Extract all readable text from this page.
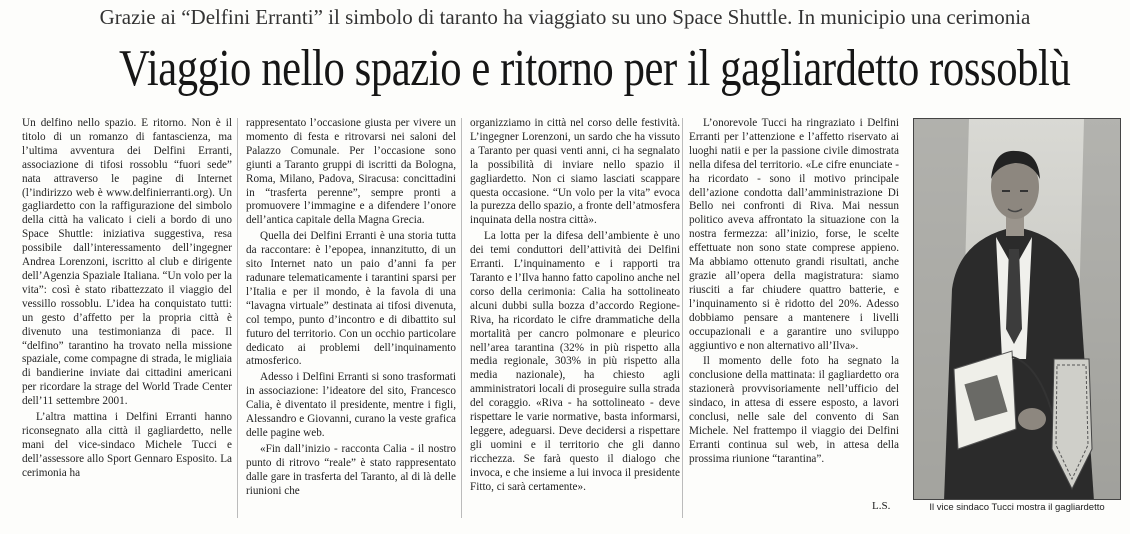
Grazie ai “Delfini Erranti” il simbolo di taranto ha viaggiato su uno Space Shuttle. In municipio una cerimonia
Viaggio nello spazio e ritorno per il gagliardetto rossoblù

Un delfino nello spazio. E ritorno. Non è il titolo di un romanzo di fantascienza, ma l’ultima avventura dei Delfini Erranti, associazione di tifosi rossoblu “fuori sede” nata attraverso le pagine di Internet (l’indirizzo web è www.delfinierranti.org). Un gagliardetto con la raffigurazione del simbolo della città ha valicato i cieli a bordo di uno Space Shuttle: iniziativa suggestiva, resa possibile dall’interessamento dell’ingegner Andrea Lorenzoni, iscritto al club e dirigente dell’Agenzia Spaziale Italiana. “Un volo per la vita”: così è stato ribattezzato il viaggio del vessillo rossoblu. L’idea ha conquistato tutti: un gesto d’affetto per la propria città è divenuto una testimonianza di pace. Il “delfino” tarantino ha trovato nella missione spaziale, come compagne di strada, le migliaia di bandierine inviate dai cittadini americani per ricordare la strage del World Trade Center dell’11 settembre 2001.

L’altra mattina i Delfini Erranti hanno riconsegnato alla città il gagliardetto, nelle mani del vice-sindaco Michele Tucci e dell’assessore allo Sport Gennaro Esposito. La cerimonia ha

rappresentato l’occasione giusta per vivere un momento di festa e ritrovarsi nei saloni del Palazzo Comunale. Per l’occasione sono giunti a Taranto gruppi di iscritti da Bologna, Roma, Milano, Padova, Siracusa: concittadini in “trasferta perenne”, sempre pronti a promuovere l’immagine e a difendere l’onore dell’antica capitale della Magna Grecia.

Quella dei Delfini Erranti è una storia tutta da raccontare: è l’epopea, innanzitutto, di un sito Internet nato un paio d’anni fa per radunare telematicamente i tarantini sparsi per l’Italia e per il mondo, è la favola di una “lavagna virtuale” destinata ai tifosi divenuta, col tempo, punto d’incontro e di dibattito sul futuro del territorio. Con un occhio particolare dedicato ai problemi dell’inquinamento atmosferico.

Adesso i Delfini Erranti si sono trasformati in associazione: l’ideatore del sito, Francesco Calia, è diventato il presidente, mentre i figli, Alessandro e Giovanni, curano la veste grafica delle pagine web.

«Fin dall’inizio - racconta Calia - il nostro punto di ritrovo “reale” è stato rappresentato dalle gare in trasferta del Taranto, al di là delle riunioni che

organizziamo in città nel corso delle festività. L’ingegner Lorenzoni, un sardo che ha vissuto a Taranto per quasi venti anni, ci ha segnalato la possibilità di inviare nello spazio il gagliardetto. Non ci siamo lasciati scappare questa occasione. “Un volo per la vita” evoca la purezza dello spazio, a fronte dell’atmosfera inquinata della nostra città».

La lotta per la difesa dell’ambiente è uno dei temi conduttori dell’attività dei Delfini Erranti. L’inquinamento e i rapporti tra Taranto e l’Ilva hanno fatto capolino anche nel corso della cerimonia: Calia ha sottolineato alcuni dubbi sulla bozza d’accordo Regione-Riva, ha ricordato le cifre drammatiche della mortalità per cancro polmonare e pleurico nell’area tarantina (32% in più rispetto alla media regionale, 303% in più rispetto alla media nazionale), ha chiesto agli amministratori locali di proseguire sulla strada del coraggio. «Riva - ha sottolineato - deve rispettare le varie normative, basta informarsi, leggere, adeguarsi. Deve decidersi a rispettare gli uomini e il territorio che gli danno ricchezza. Se farà questo il dialogo che invoca, e che insieme a lui invoca il presidente Fitto, ci sarà certamente».

L’onorevole Tucci ha ringraziato i Delfini Erranti per l’attenzione e l’affetto riservato ai luoghi natii e per la passione civile dimostrata nella difesa del territorio. «Le cifre enunciate - ha ricordato - sono il motivo principale dell’azione condotta dall’amministrazione Di Bello nei confronti di Riva. Mai nessun politico aveva affrontato la situazione con la nostra fermezza: all’inizio, forse, le scelte effettuate non sono state comprese appieno. Ma abbiamo ottenuto grandi risultati, anche grazie all’opera della magistratura: siamo riusciti a far chiudere quattro batterie, e l’inquinamento si è ridotto del 20%. Adesso dobbiamo pensare a mantenere i livelli occupazionali e a garantire uno sviluppo aggiuntivo e non alternativo all’Ilva».

Il momento delle foto ha segnato la conclusione della mattinata: il gagliardetto ora stazionerà provvisoriamente nell’ufficio del sindaco, in attesa di essere esposto, a lavori conclusi, nelle sale del convento di San Michele. Nel frattempo il viaggio dei Delfini Erranti continua sul web, in attesa della prossima riunione “tarantina”.

Il vice sindaco Tucci mostra il gagliardetto
L.S.
